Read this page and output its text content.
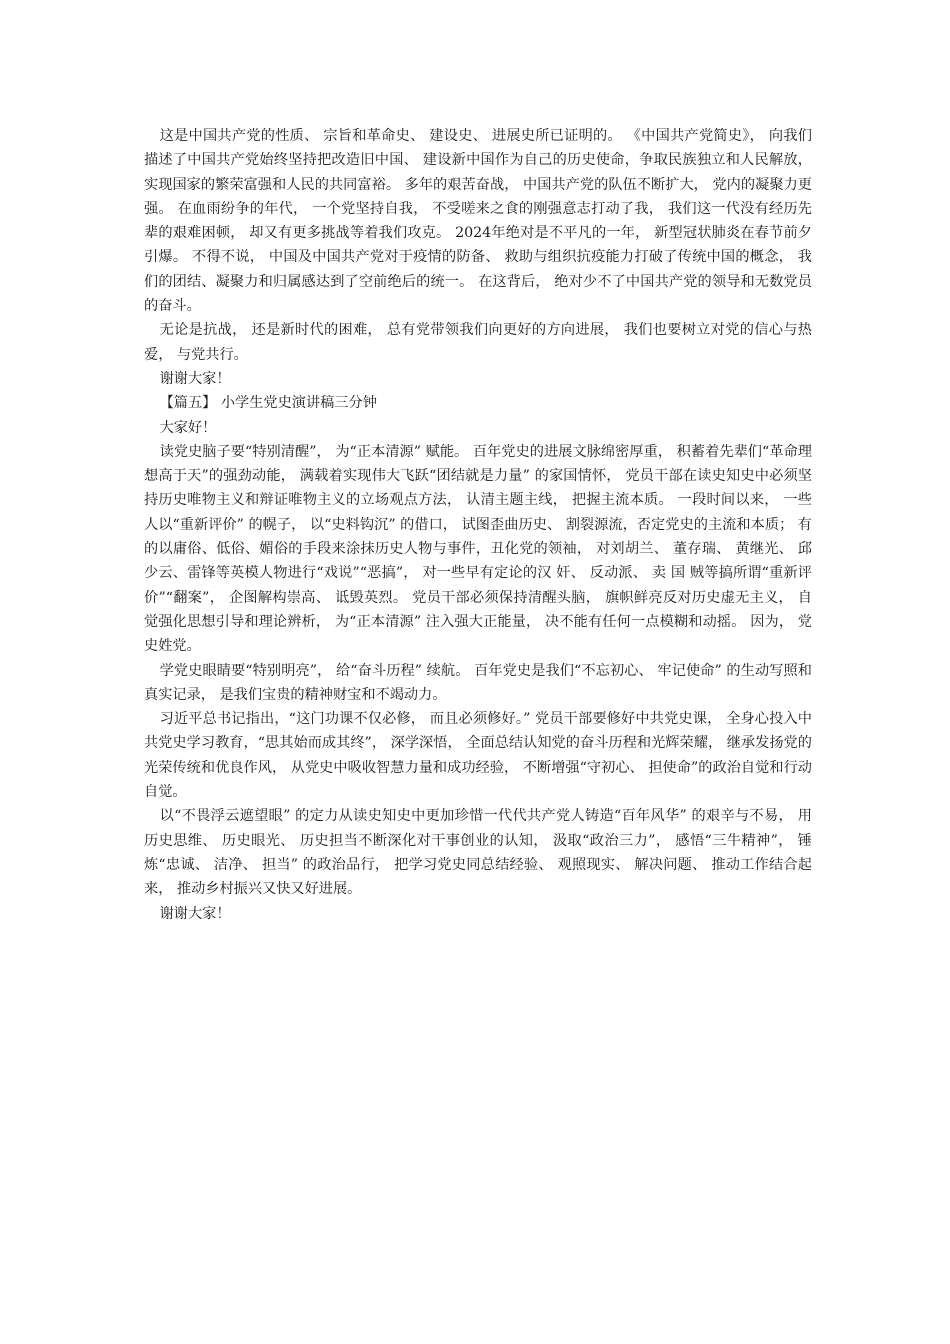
这是中国共产党的性质、 宗旨和革命史、 建设史、 进展史所已证明的。 《中国共产党简史》， 向我们描述了中国共产党始终坚持把改造旧中国、 建设新中国作为自己的历史使命，争取民族独立和人民解放， 实现国家的繁荣富强和人民的共同富裕。 多年的艰苦奋战， 中国共产党的队伍不断扩大， 党内的凝聚力更强。 在血雨纷争的年代， 一个党坚持自我， 不受嗟来之食的刚强意志打动了我， 我们这一代没有经历先辈的艰难困顿， 却又有更多挑战等着我们攻克。 2024年绝对是不平凡的一年， 新型冠状肺炎在春节前夕引爆。 不得不说， 中国及中国共产党对于疫情的防备、 救助与组织抗疫能力打破了传统中国的概念， 我们的团结、凝聚力和归属感达到了空前绝后的统一。 在这背后， 绝对少不了中国共产党的领导和无数党员的奋斗。

无论是抗战， 还是新时代的困难， 总有党带领我们向更好的方向进展， 我们也要树立对党的信心与热爱， 与党共行。

谢谢大家！

【篇五】 小学生党史演讲稿三分钟

大家好！

读党史脑子要“特别清醒”， 为“正本清源” 赋能。 百年党史的进展文脉绵密厚重， 积蓄着先辈们“革命理想高于天”的强劲动能， 满载着实现伟大飞跃“团结就是力量” 的家国情怀， 党员干部在读史知史中必须坚持历史唯物主义和辩证唯物主义的立场观点方法， 认清主题主线， 把握主流本质。 一段时间以来， 一些人以“重新评价” 的幌子， 以“史料钩沉” 的借口， 试图歪曲历史、 割裂源流，否定党史的主流和本质； 有的以庸俗、低俗、媚俗的手段来涂抹历史人物与事件，丑化党的领袖， 对刘胡兰、 董存瑞、 黄继光、 邱少云、雷锋等英模人物进行“戏说”“恶搞”， 对一些早有定论的汉 奸、 反动派、 卖 国 贼等搞所谓“重新评价”“翻案”， 企图解构崇高、 诋毁英烈。 党员干部必须保持清醒头脑， 旗帜鲜亮反对历史虚无主义， 自觉强化思想引导和理论辨析， 为“正本清源” 注入强大正能量， 决不能有任何一点模糊和动摇。 因为， 党史姓党。

学党史眼睛要“特别明亮”， 给“奋斗历程” 续航。 百年党史是我们“不忘初心、 牢记使命” 的生动写照和真实记录， 是我们宝贵的精神财宝和不竭动力。

习近平总书记指出，“这门功课不仅必修， 而且必须修好。” 党员干部要修好中共党史课， 全身心投入中共党史学习教育，“思其始而成其终”， 深学深悟， 全面总结认知党的奋斗历程和光辉荣耀， 继承发扬党的光荣传统和优良作风， 从党史中吸收智慧力量和成功经验， 不断增强“守初心、 担使命”的政治自觉和行动自觉。

以“不畏浮云遮望眼” 的定力从读史知史中更加珍惜一代代共产党人铸造“百年风华” 的艰辛与不易， 用历史思维、 历史眼光、 历史担当不断深化对干事创业的认知， 汲取“政治三力”， 感悟“三牛精神”， 锤炼“忠诚、 洁净、 担当” 的政治品行， 把学习党史同总结经验、 观照现实、 解决问题、 推动工作结合起来， 推动乡村振兴又快又好进展。

谢谢大家！
